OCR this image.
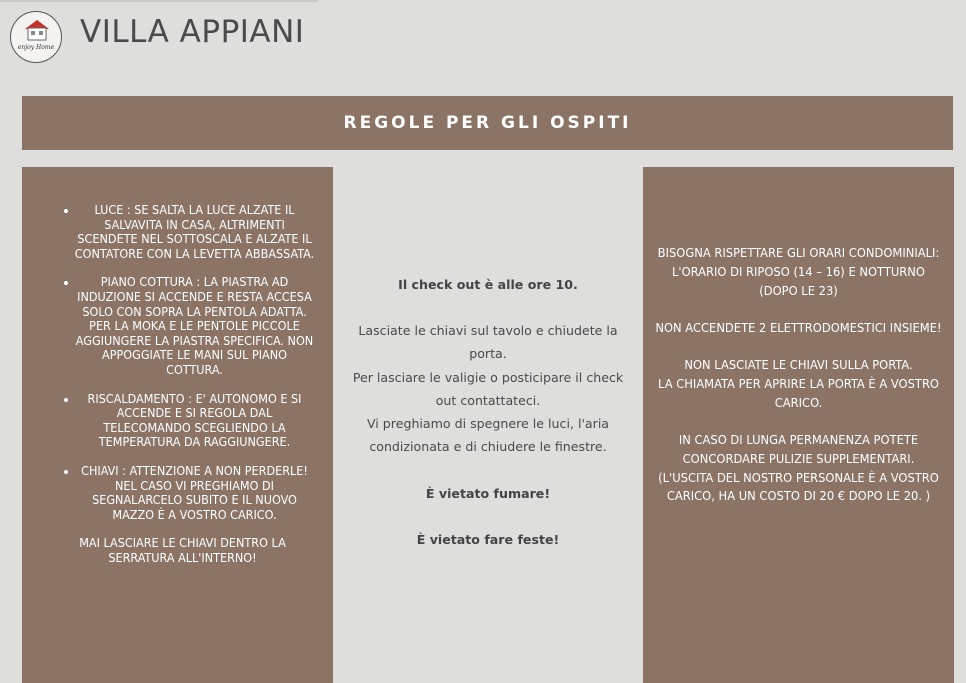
enjoy Home VILLA APPIANI
REGOLE PER GLI OSPITI
LUCE : SE SALTA LA LUCE ALZATE IL SALVAVITA IN CASA, ALTRIMENTI SCENDETE NEL SOTTOSCALA E ALZATE IL CONTATORE CON LA LEVETTA ABBASSATA.
PIANO COTTURA : LA PIASTRA AD INDUZIONE SI ACCENDE E RESTA ACCESA SOLO CON SOPRA LA PENTOLA ADATTA. PER LA MOKA E LE PENTOLE PICCOLE AGGIUNGERE LA PIASTRA SPECIFICA. NON APPOGGIATE LE MANI SUL PIANO COTTURA.
RISCALDAMENTO : E' AUTONOMO E SI ACCENDE E SI REGOLA DAL TELECOMANDO SCEGLIENDO LA TEMPERATURA DA RAGGIUNGERE.
CHIAVI : ATTENZIONE A NON PERDERLE! NEL CASO VI PREGHIAMO DI SEGNALARCELO SUBITO E IL NUOVO MAZZO È A VOSTRO CARICO.
MAI LASCIARE LE CHIAVI DENTRO LA SERRATURA ALL'INTERNO!
Il check out è alle ore 10.
Lasciate le chiavi sul tavolo e chiudete la
porta.
Per lasciare le valigie o posticipare il check
out contattateci.
Vi preghiamo di spegnere le luci, l'aria
condizionata e di chiudere le finestre.
È vietato fumare!
È vietato fare feste!

BISOGNA RISPETTARE GLI ORARI CONDOMINIALI: L'ORARIO DI RIPOSO (14 – 16) E NOTTURNO (DOPO LE 23)

NON ACCENDETE 2 ELETTRODOMESTICI INSIEME!

NON LASCIATE LE CHIAVI SULLA PORTA.

LA CHIAMATA PER APRIRE LA PORTA È A VOSTRO CARICO.

IN CASO DI LUNGA PERMANENZA POTETE CONCORDARE PULIZIE SUPPLEMENTARI.

(L'USCITA DEL NOSTRO PERSONALE È A VOSTRO CARICO, HA UN COSTO DI 20 € DOPO LE 20. )
